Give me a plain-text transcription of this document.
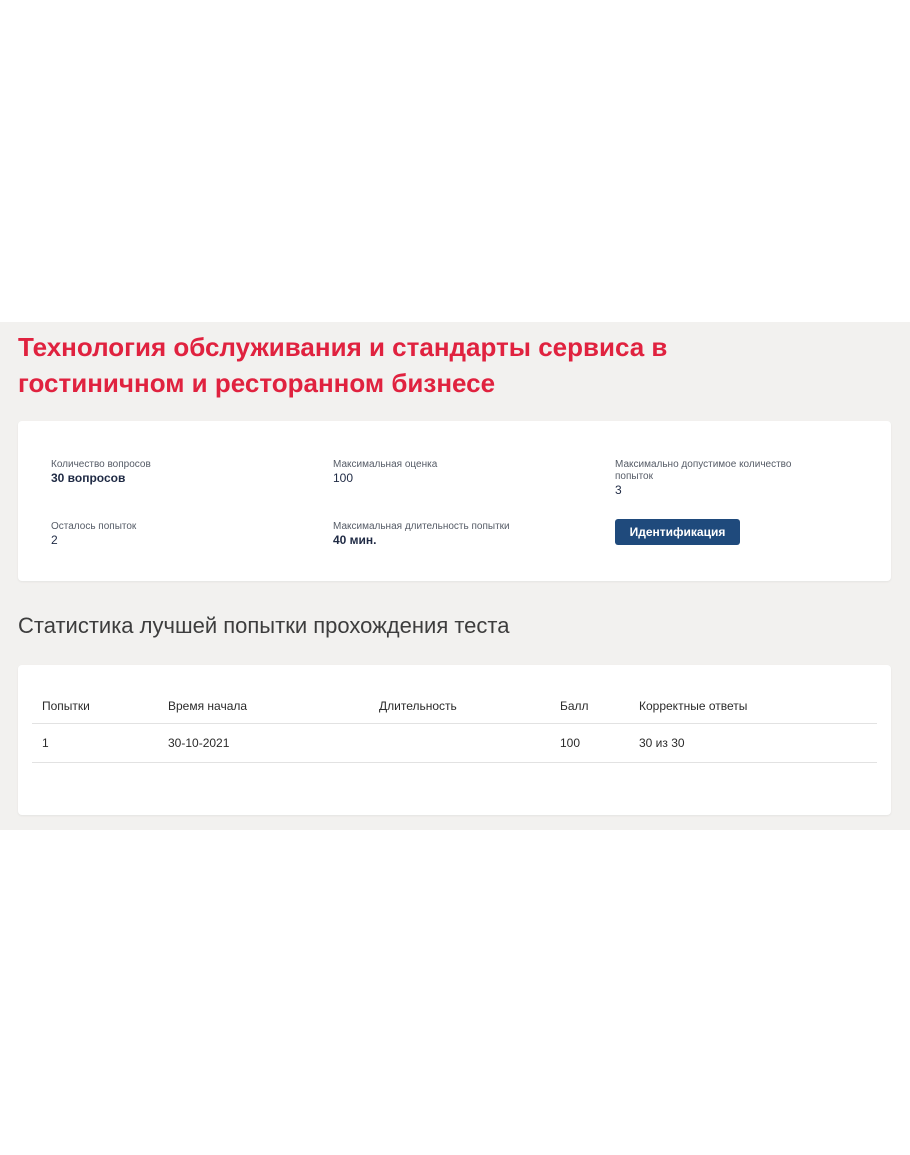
Технология обслуживания и стандарты сервиса в гостиничном и ресторанном бизнесе
Количество вопросов
30 вопросов
Максимальная оценка
100
Максимально допустимое количество попыток
3
Осталось попыток
2
Максимальная длительность попытки
40 мин.
Идентификация
Статистика лучшей попытки прохождения теста
Попытки	Время начала	Длительность	Балл	Корректные ответы
1	30-10-2021		100	30 из 30
